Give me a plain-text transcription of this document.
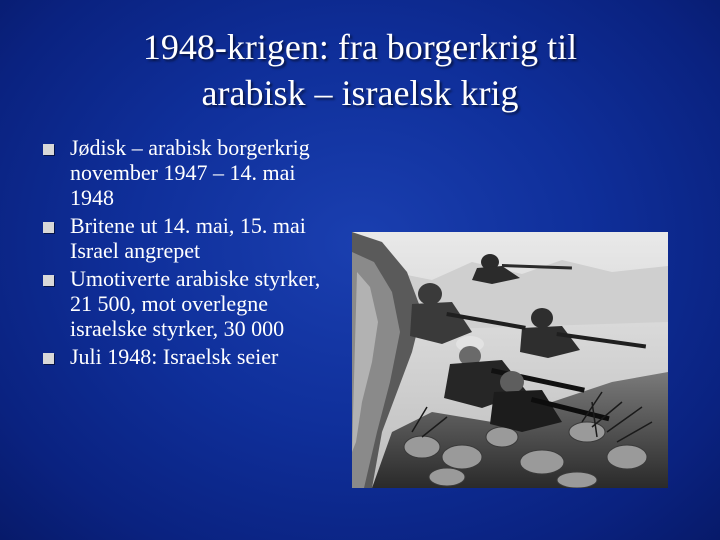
1948-krigen: fra borgerkrig til
arabisk – israelsk krig
Jødisk – arabisk borgerkrig november 1947 – 14. mai 1948
Britene ut 14. mai, 15. mai Israel angrepet
Umotiverte arabiske styrker, 21 500, mot overlegne israelske styrker, 30 000
Juli 1948: Israelsk seier
